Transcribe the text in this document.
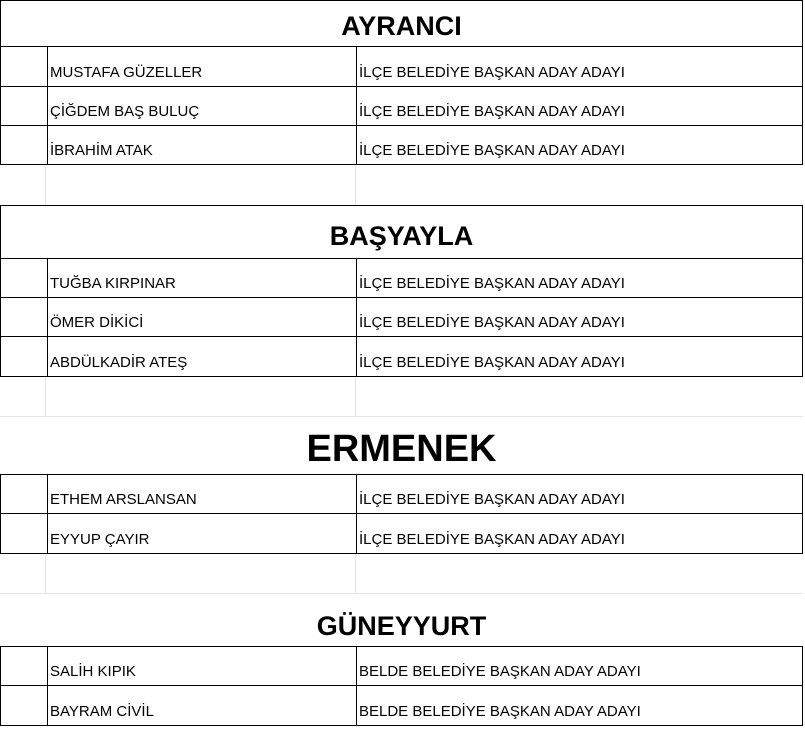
AYRANCI
MUSTAFA GÜZELLER	İLÇE BELEDİYE BAŞKAN ADAY ADAYI
ÇİĞDEM BAŞ BULUÇ	İLÇE BELEDİYE BAŞKAN ADAY ADAYI
İBRAHİM ATAK	İLÇE BELEDİYE BAŞKAN ADAY ADAYI
BAŞYAYLA
TUĞBA KIRPINAR	İLÇE BELEDİYE BAŞKAN ADAY ADAYI
ÖMER DİKİCİ	İLÇE BELEDİYE BAŞKAN ADAY ADAYI
ABDÜLKADİR ATEŞ	İLÇE BELEDİYE BAŞKAN ADAY ADAYI
ERMENEK
ETHEM ARSLANSAN	İLÇE BELEDİYE BAŞKAN ADAY ADAYI
EYYUP ÇAYIR	İLÇE BELEDİYE BAŞKAN ADAY ADAYI
GÜNEYYURT
SALİH KIPIK	BELDE BELEDİYE BAŞKAN ADAY ADAYI
BAYRAM CİVİL	BELDE BELEDİYE BAŞKAN ADAY ADAYI
